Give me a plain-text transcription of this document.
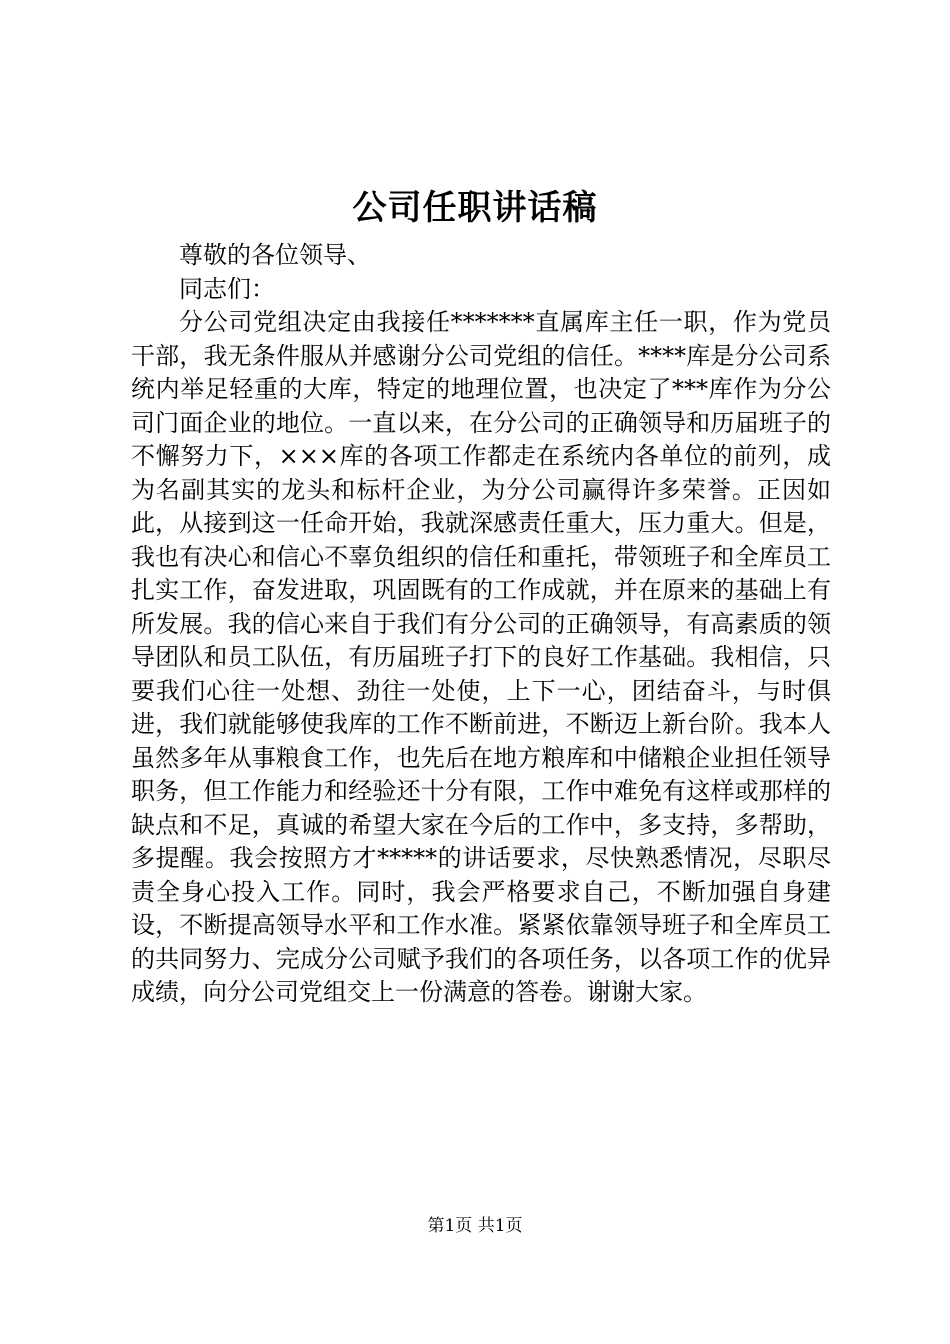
公司任职讲话稿

尊敬的各位领导、

同志们：

分公司党组决定由我接任*******直属库主任一职，作为党员干部，我无条件服从并感谢分公司党组的信任。****库是分公司系统内举足轻重的大库，特定的地理位置，也决定了***库作为分公司门面企业的地位。一直以来，在分公司的正确领导和历届班子的不懈努力下，×××库的各项工作都走在系统内各单位的前列，成为名副其实的龙头和标杆企业，为分公司赢得许多荣誉。正因如此，从接到这一任命开始，我就深感责任重大，压力重大。但是，我也有决心和信心不辜负组织的信任和重托，带领班子和全库员工扎实工作，奋发进取，巩固既有的工作成就，并在原来的基础上有所发展。我的信心来自于我们有分公司的正确领导，有高素质的领导团队和员工队伍，有历届班子打下的良好工作基础。我相信，只要我们心往一处想、劲往一处使，上下一心，团结奋斗，与时俱进，我们就能够使我库的工作不断前进，不断迈上新台阶。我本人虽然多年从事粮食工作，也先后在地方粮库和中储粮企业担任领导职务，但工作能力和经验还十分有限，工作中难免有这样或那样的缺点和不足，真诚的希望大家在今后的工作中，多支持，多帮助，多提醒。我会按照方才*****的讲话要求，尽快熟悉情况，尽职尽责全身心投入工作。同时，我会严格要求自己，不断加强自身建设，不断提高领导水平和工作水准。紧紧依靠领导班子和全库员工的共同努力、完成分公司赋予我们的各项任务，以各项工作的优异成绩，向分公司党组交上一份满意的答卷。谢谢大家。

第1页 共1页
